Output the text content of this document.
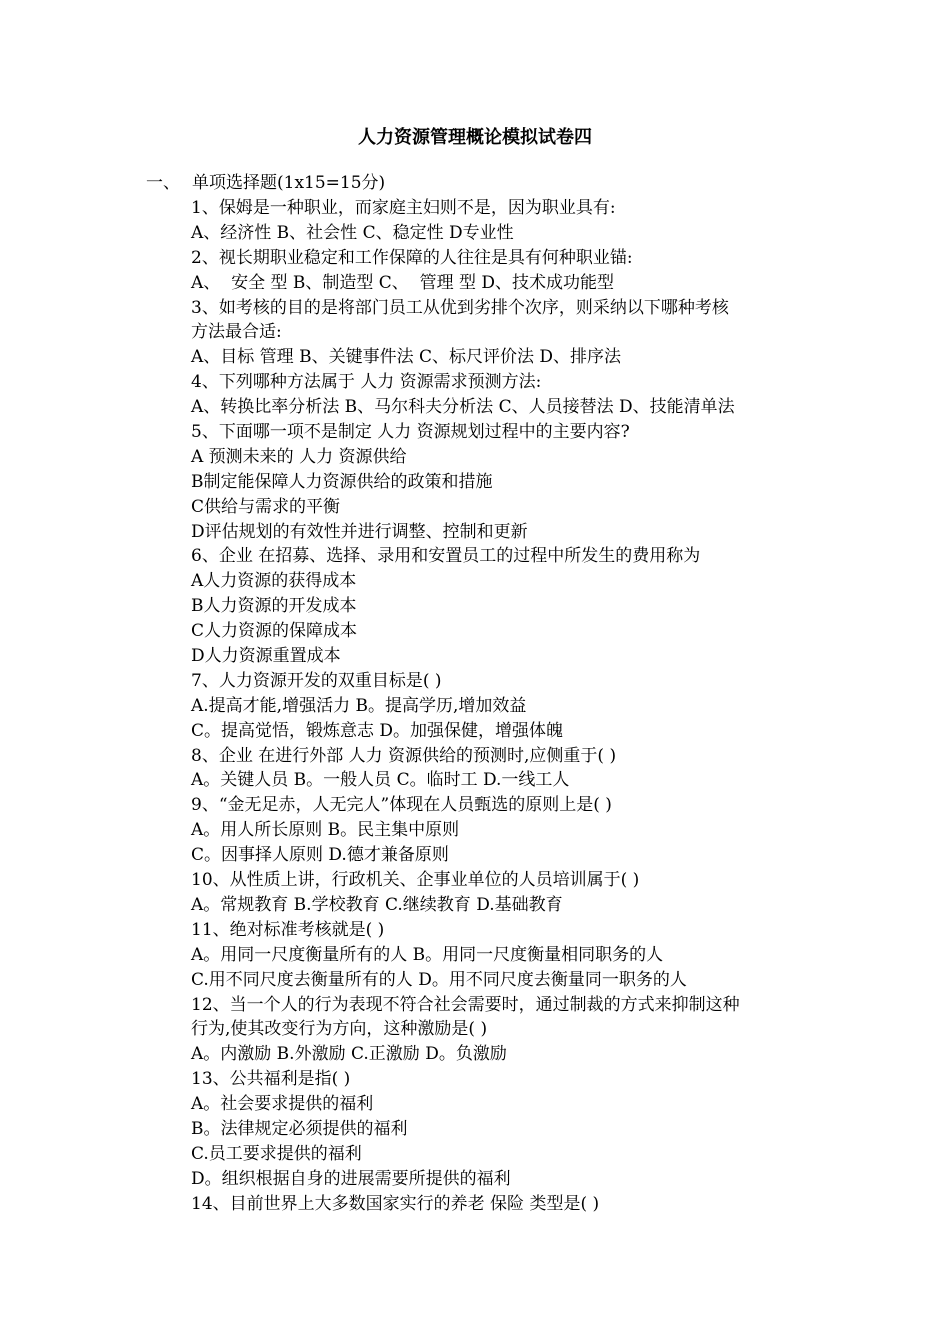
人力资源管理概论模拟试卷四
一、 单项选择题(1x15=15分)
1、保姆是一种职业，而家庭主妇则不是，因为职业具有:
A、经济性 B、社会性 C、稳定性 D专业性
2、视长期职业稳定和工作保障的人往往是具有何种职业锚:
A、  安全 型 B、制造型 C、  管理 型 D、技术成功能型
3、如考核的目的是将部门员工从优到劣排个次序，则采纳以下哪种考核
方法最合适:
A、目标 管理 B、关键事件法 C、标尺评价法 D、排序法
4、下列哪种方法属于 人力 资源需求预测方法:
A、转换比率分析法 B、马尔科夫分析法 C、人员接替法 D、技能清单法
5、下面哪一项不是制定 人力 资源规划过程中的主要内容?
A 预测未来的 人力 资源供给
B制定能保障人力资源供给的政策和措施
C供给与需求的平衡
D评估规划的有效性并进行调整、控制和更新
6、企业 在招募、选择、录用和安置员工的过程中所发生的费用称为
A人力资源的获得成本
B人力资源的开发成本
C人力资源的保障成本
D人力资源重置成本
7、人力资源开发的双重目标是( )
A.提高才能,增强活力 B。提高学历,增加效益
C。提高觉悟，锻炼意志 D。加强保健，增强体魄
8、企业 在进行外部 人力 资源供给的预测时,应侧重于( )
A。关键人员 B。一般人员 C。临时工 D.一线工人
9、“金无足赤，人无完人”体现在人员甄选的原则上是( )
A。用人所长原则 B。民主集中原则
C。因事择人原则 D.德才兼备原则
10、从性质上讲，行政机关、企事业单位的人员培训属于( )
A。常规教育 B.学校教育 C.继续教育 D.基础教育
11、绝对标准考核就是( )
A。用同一尺度衡量所有的人 B。用同一尺度衡量相同职务的人
C.用不同尺度去衡量所有的人 D。用不同尺度去衡量同一职务的人
12、当一个人的行为表现不符合社会需要时，通过制裁的方式来抑制这种
行为,使其改变行为方向，这种激励是( )
A。内激励 B.外激励 C.正激励 D。负激励
13、公共福利是指( )
A。社会要求提供的福利
B。法律规定必须提供的福利
C.员工要求提供的福利
D。组织根据自身的进展需要所提供的福利
14、目前世界上大多数国家实行的养老 保险 类型是( )
